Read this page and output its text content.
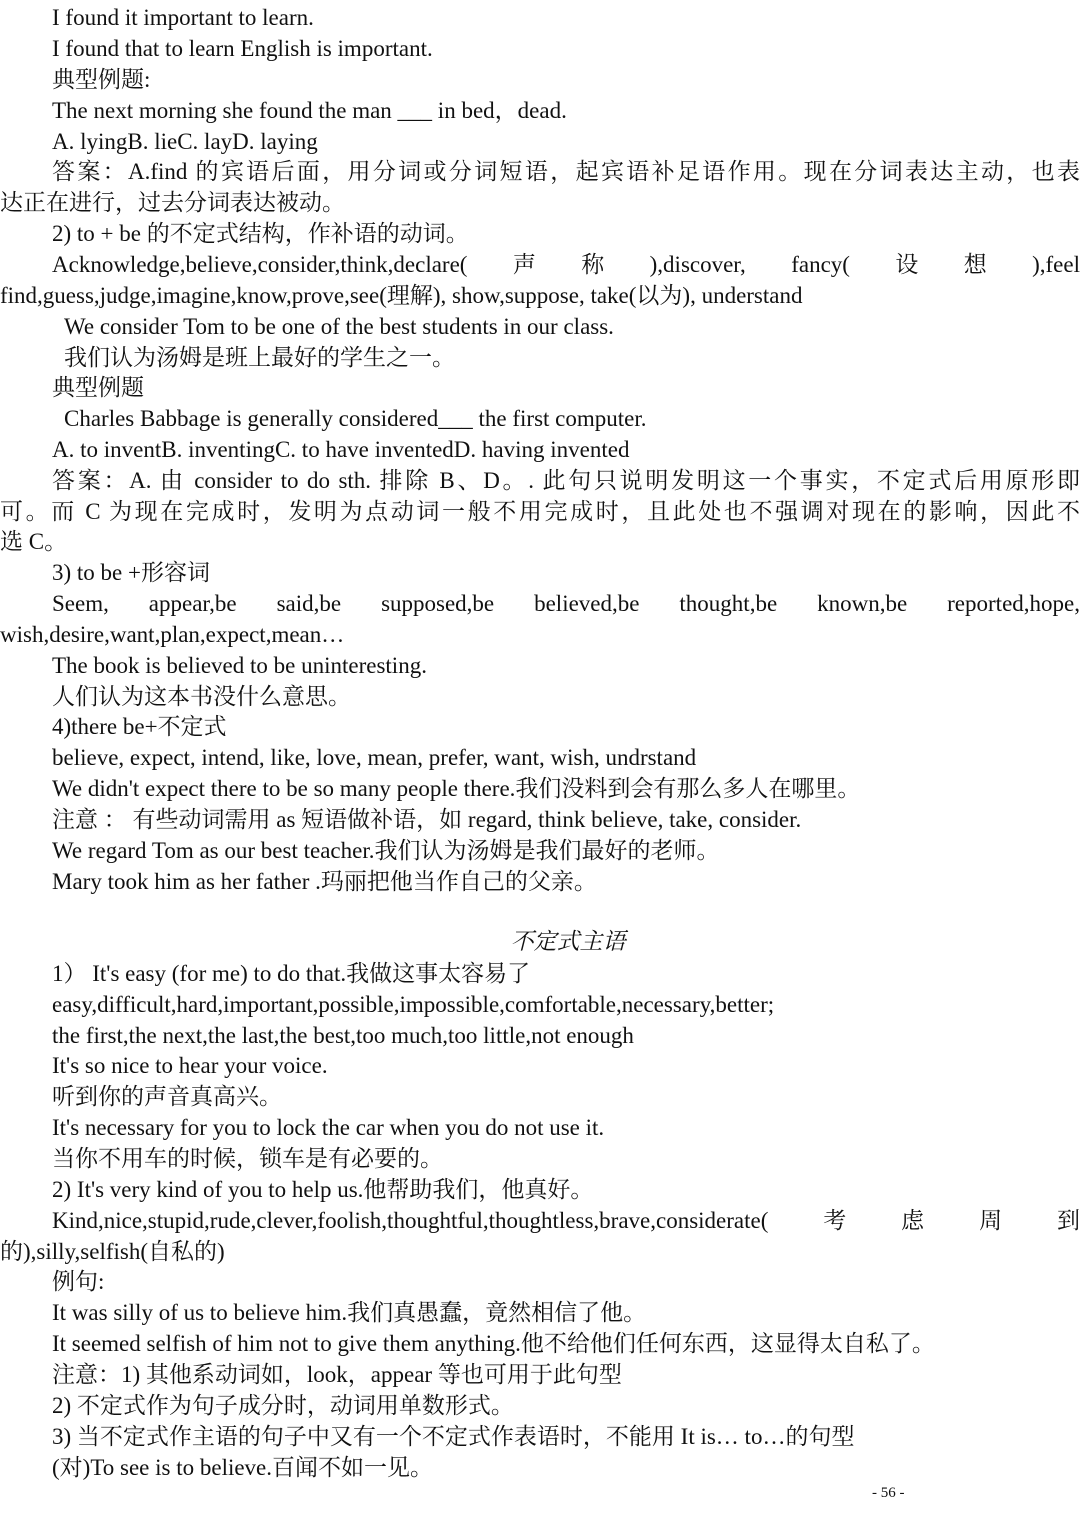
I found it important to learn.
I found that to learn English is important.
典型例题:
The next morning she found the man ___ in bed，dead.
A. lyingB. lieC. layD. laying
答案：A.find 的宾语后面，用分词或分词短语，起宾语补足语作用。现在分词表达主动，也表
达正在进行，过去分词表达被动。
2) to + be 的不定式结构，作补语的动词。
Acknowledge,believe,consider,think,declare(　声　称　),discover,　fancy(　设　想　),feel
find,guess,judge,imagine,know,prove,see(理解), show,suppose, take(以为), understand
We consider Tom to be one of the best students in our class.
我们认为汤姆是班上最好的学生之一。
典型例题
Charles Babbage is generally considered___ the first computer.
A. to inventB. inventingC. to have inventedD. having invented
答案：A. 由 consider to do sth. 排除 B、D。. 此句只说明发明这一个事实，不定式后用原形即
可。而 C 为现在完成时，发明为点动词一般不用完成时，且此处也不强调对现在的影响，因此不
选 C。
3) to be +形容词
Seem,　appear,be　said,be　supposed,be　believed,be　thought,be　known,be　reported,hope,
wish,desire,want,plan,expect,mean…
The book is believed to be uninteresting.
人们认为这本书没什么意思。
4)there be+不定式
believe, expect, intend, like, love, mean, prefer, want, wish, undrstand
We didn't expect there to be so many people there.我们没料到会有那么多人在哪里。
注意 ： 有些动词需用 as 短语做补语，如 regard, think believe, take, consider.
We regard Tom as our best teacher.我们认为汤姆是我们最好的老师。
Mary took him as her father .玛丽把他当作自己的父亲。
不定式主语
1） It's easy (for me) to do that.我做这事太容易了
easy,difficult,hard,important,possible,impossible,comfortable,necessary,better;
the first,the next,the last,the best,too much,too little,not enough
It's so nice to hear your voice.
听到你的声音真高兴。
It's necessary for you to lock the car when you do not use it.
当你不用车的时候，锁车是有必要的。
2) It's very kind of you to help us.他帮助我们，他真好。
Kind,nice,stupid,rude,clever,foolish,thoughtful,thoughtless,brave,considerate(　考　虑　周　到
的),silly,selfish(自私的)
例句:
It was silly of us to believe him.我们真愚蠢，竟然相信了他。
It seemed selfish of him not to give them anything.他不给他们任何东西，这显得太自私了。
注意：1) 其他系动词如，look，appear 等也可用于此句型
2) 不定式作为句子成分时，动词用单数形式。
3) 当不定式作主语的句子中又有一个不定式作表语时，不能用 It is… to…的句型
(对)To see is to believe.百闻不如一见。
- 56 -
